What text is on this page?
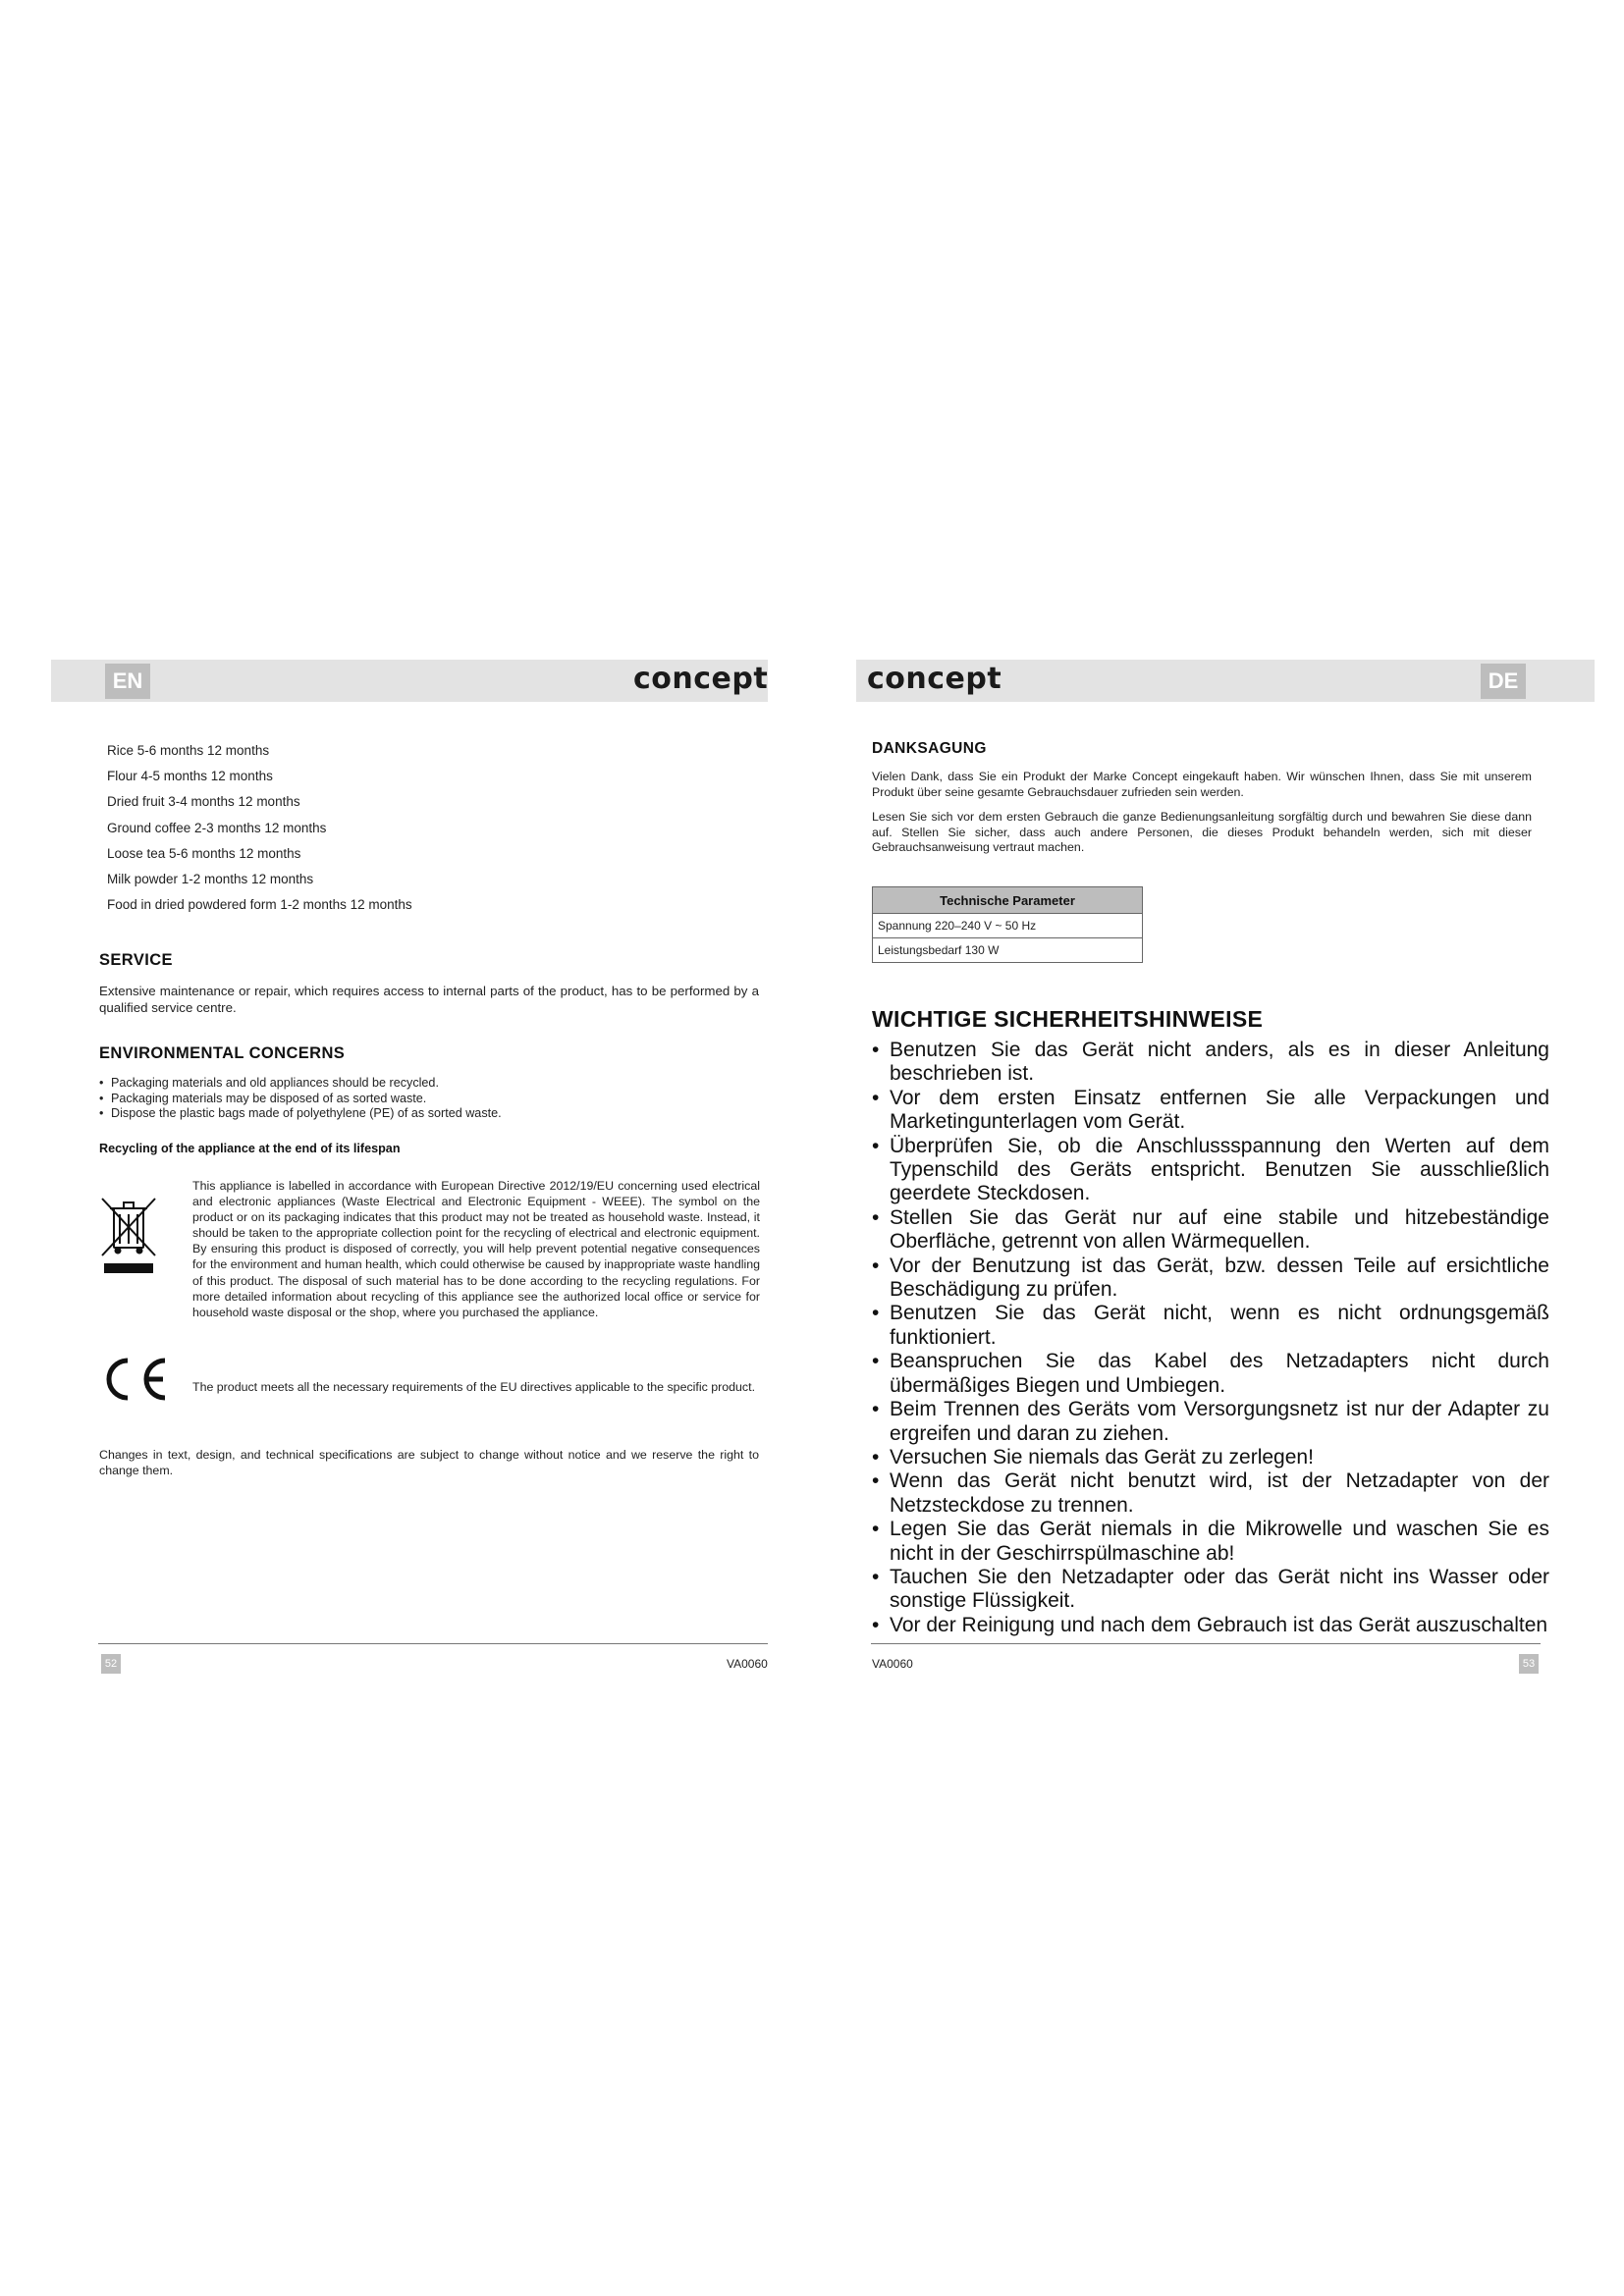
EN	DE
concept	concept
Rice 5-6 months 12 months
Flour 4-5 months 12 months
Dried fruit 3-4 months 12 months
Ground coffee 2-3 months 12 months
Loose tea 5-6 months 12 months
Milk powder 1-2 months 12 months
Food in dried powdered form 1-2 months 12 months
SERVICE
Extensive maintenance or repair, which requires access to internal parts of the product, has to be performed by a qualified service centre.
ENVIRONMENTAL CONCERNS
• Packaging materials and old appliances should be recycled.
• Packaging materials may be disposed of as sorted waste.
• Dispose the plastic bags made of polyethylene (PE) of as sorted waste.
Recycling of the appliance at the end of its lifespan
This appliance is labelled in accordance with European Directive 2012/19/EU concerning used electrical and electronic appliances (Waste Electrical and Electronic Equipment - WEEE). The symbol on the product or on its packaging indicates that this product may not be treated as household waste. Instead, it should be taken to the appropriate collection point for the recycling of electrical and electronic equipment. By ensuring this product is disposed of correctly, you will help prevent potential negative consequences for the environment and human health, which could otherwise be caused by inappropriate waste handling of this product. The disposal of such material has to be done according to the recycling regulations. For more detailed information about recycling of this appliance see the authorized local office or service for household waste disposal or the shop, where you purchased the appliance.
The product meets all the necessary requirements of the EU directives applicable to the specific product.
Changes in text, design, and technical specifications are subject to change without notice and we reserve the right to change them.
52	VA0060
DANKSAGUNG
Vielen Dank, dass Sie ein Produkt der Marke Concept eingekauft haben. Wir wünschen Ihnen, dass Sie mit unserem Produkt über seine gesamte Gebrauchsdauer zufrieden sein werden.
Lesen Sie sich vor dem ersten Gebrauch die ganze Bedienungsanleitung sorgfältig durch und bewahren Sie diese dann auf. Stellen Sie sicher, dass auch andere Personen, die dieses Produkt behandeln werden, sich mit dieser Gebrauchsanweisung vertraut machen.
Technische Parameter
Spannung 220–240 V ~ 50 Hz
Leistungsbedarf 130 W
WICHTIGE SICHERHEITSHINWEISE
• Benutzen Sie das Gerät nicht anders, als es in dieser Anleitung beschrieben ist.
• Vor dem ersten Einsatz entfernen Sie alle Verpackungen und Marketingunterlagen vom Gerät.
• Überprüfen Sie, ob die Anschlussspannung den Werten auf dem Typenschild des Geräts entspricht. Benutzen Sie ausschließlich geerdete Steckdosen.
• Stellen Sie das Gerät nur auf eine stabile und hitzebeständige Oberfläche, getrennt von allen Wärmequellen.
• Vor der Benutzung ist das Gerät, bzw. dessen Teile auf ersichtliche Beschädigung zu prüfen.
• Benutzen Sie das Gerät nicht, wenn es nicht ordnungsgemäß funktioniert.
• Beanspruchen Sie das Kabel des Netzadapters nicht durch übermäßiges Biegen und Umbiegen.
• Beim Trennen des Geräts vom Versorgungsnetz ist nur der Adapter zu ergreifen und daran zu ziehen.
• Versuchen Sie niemals das Gerät zu zerlegen!
• Wenn das Gerät nicht benutzt wird, ist der Netzadapter von der Netzsteckdose zu trennen.
• Legen Sie das Gerät niemals in die Mikrowelle und waschen Sie es nicht in der Geschirrspülmaschine ab!
• Tauchen Sie den Netzadapter oder das Gerät nicht ins Wasser oder sonstige Flüssigkeit.
• Vor der Reinigung und nach dem Gebrauch ist das Gerät auszuschalten
VA0060	53
